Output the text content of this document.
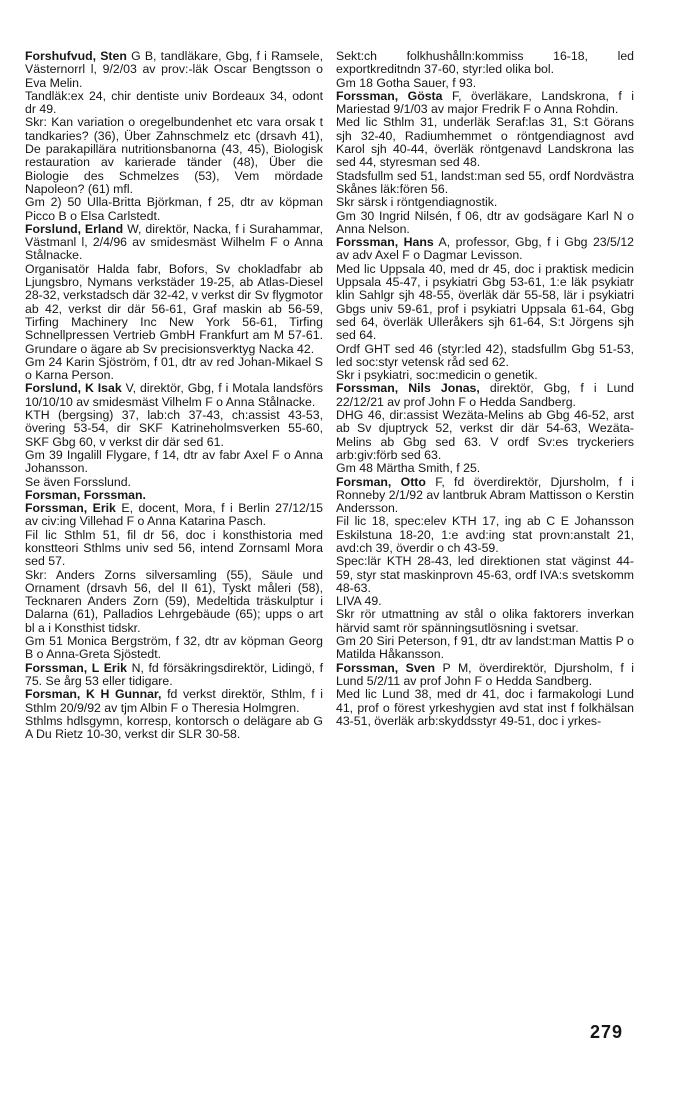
Forshufvud, Sten G B, tandläkare, Gbg, f i Ramsele, Västernorrl l, 9/2/03 av prov:-läk Oscar Bengtsson o Eva Melin.

Tandläk:ex 24, chir dentiste univ Bordeaux 34, odont dr 49.

Skr: Kan variation o oregelbundenhet etc vara orsak t tandkaries? (36), Über Zahnschmelz etc (drsavh 41), De parakapillära nutritionsbanorna (43, 45), Biologisk restauration av karierade tänder (48), Über die Biologie des Schmelzes (53), Vem mördade Napoleon? (61) mfl.

Gm 2) 50 Ulla-Britta Björkman, f 25, dtr av köpman Picco B o Elsa Carlstedt.

Forslund, Erland W, direktör, Nacka, f i Surahammar, Västmanl l, 2/4/96 av smidesmäst Wilhelm F o Anna Stålnacke.

Organisatör Halda fabr, Bofors, Sv chokladfabr ab Ljungsbro, Nymans verkstäder 19-25, ab Atlas-Diesel 28-32, verkstadsch där 32-42, v verkst dir Sv flygmotor ab 42, verkst dir där 56-61, Graf maskin ab 56-59, Tirfing Machinery Inc New York 56-61, Tirfing Schnellpressen Vertrieb GmbH Frankfurt am M 57-61. Grundare o ägare ab Sv precisionsverktyg Nacka 42.

Gm 24 Karin Sjöström, f 01, dtr av red Johan-Mikael S o Karna Person.

Forslund, K Isak V, direktör, Gbg, f i Motala landsförs 10/10/10 av smidesmäst Vilhelm F o Anna Stålnacke.

KTH (bergsing) 37, lab:ch 37-43, ch:assist 43-53, övering 53-54, dir SKF Katrineholmsverken 55-60, SKF Gbg 60, v verkst dir där sed 61.

Gm 39 Ingalill Flygare, f 14, dtr av fabr Axel F o Anna Johansson.

Se även Forsslund.

Forsman, Forssman.

Forssman, Erik E, docent, Mora, f i Berlin 27/12/15 av civ:ing Villehad F o Anna Katarina Pasch.

Fil lic Sthlm 51, fil dr 56, doc i konsthistoria med konstteori Sthlms univ sed 56, intend Zornsaml Mora sed 57.

Skr: Anders Zorns silversamling (55), Säule und Ornament (drsavh 56, del II 61), Tyskt måleri (58), Tecknaren Anders Zorn (59), Medeltida träskulptur i Dalarna (61), Palladios Lehrgebäude (65); upps o art bl a i Konsthist tidskr.

Gm 51 Monica Bergström, f 32, dtr av köpman Georg B o Anna-Greta Sjöstedt.

Forssman, L Erik N, fd försäkringsdirektör, Lidingö, f 75. Se årg 53 eller tidigare.

Forsman, K H Gunnar, fd verkst direktör, Sthlm, f i Sthlm 20/9/92 av tjm Albin F o Theresia Holmgren.

Sthlms hdlsgymn, korresp, kontorsch o delägare ab G A Du Rietz 10-30, verkst dir SLR 30-58.

Sekt:ch folkhushålln:kommiss 16-18, led exportkreditndn 37-60, styr:led olika bol.

Gm 18 Gotha Sauer, f 93.

Forssman, Gösta F, överläkare, Landskrona, f i Mariestad 9/1/03 av major Fredrik F o Anna Rohdin.

Med lic Sthlm 31, underläk Seraf:las 31, S:t Görans sjh 32-40, Radiumhemmet o röntgendiagnost avd Karol sjh 40-44, överläk röntgenavd Landskrona las sed 44, styresman sed 48.

Stadsfullm sed 51, landst:man sed 55, ordf Nordvästra Skånes läk:fören 56.

Skr särsk i röntgendiagnostik.

Gm 30 Ingrid Nilsén, f 06, dtr av godsägare Karl N o Anna Nelson.

Forssman, Hans A, professor, Gbg, f i Gbg 23/5/12 av adv Axel F o Dagmar Levisson.

Med lic Uppsala 40, med dr 45, doc i praktisk medicin Uppsala 45-47, i psykiatri Gbg 53-61, 1:e läk psykiatr klin Sahlgr sjh 48-55, överläk där 55-58, lär i psykiatri Gbgs univ 59-61, prof i psykiatri Uppsala 61-64, Gbg sed 64, överläk Ulleråkers sjh 61-64, S:t Jörgens sjh sed 64.

Ordf GHT sed 46 (styr:led 42), stadsfullm Gbg 51-53, led soc:styr vetensk råd sed 62.

Skr i psykiatri, soc:medicin o genetik.

Forssman, Nils Jonas, direktör, Gbg, f i Lund 22/12/21 av prof John F o Hedda Sandberg.

DHG 46, dir:assist Wezäta-Melins ab Gbg 46-52, arst ab Sv djuptryck 52, verkst dir där 54-63, Wezäta-Melins ab Gbg sed 63. V ordf Sv:es tryckeriers arb:giv:förb sed 63.

Gm 48 Märtha Smith, f 25.

Forsman, Otto F, fd överdirektör, Djursholm, f i Ronneby 2/1/92 av lantbruk Abram Mattisson o Kerstin Andersson.

Fil lic 18, spec:elev KTH 17, ing ab C E Johansson Eskilstuna 18-20, 1:e avd:ing stat provn:anstalt 21, avd:ch 39, överdir o ch 43-59.

Spec:lär KTH 28-43, led direktionen stat väginst 44-59, styr stat maskinprovn 45-63, ordf IVA:s svetskomm 48-63.

LIVA 49.

Skr rör utmattning av stål o olika faktorers inverkan härvid samt rör spänningsutlösning i svetsar.

Gm 20 Siri Peterson, f 91, dtr av landst:man Mattis P o Matilda Håkansson.

Forssman, Sven P M, överdirektör, Djursholm, f i Lund 5/2/11 av prof John F o Hedda Sandberg.

Med lic Lund 38, med dr 41, doc i farmakologi Lund 41, prof o förest yrkeshygien avd stat inst f folkhälsan 43-51, överläk arb:skyddsstyr 49-51, doc i yrkes-

279
